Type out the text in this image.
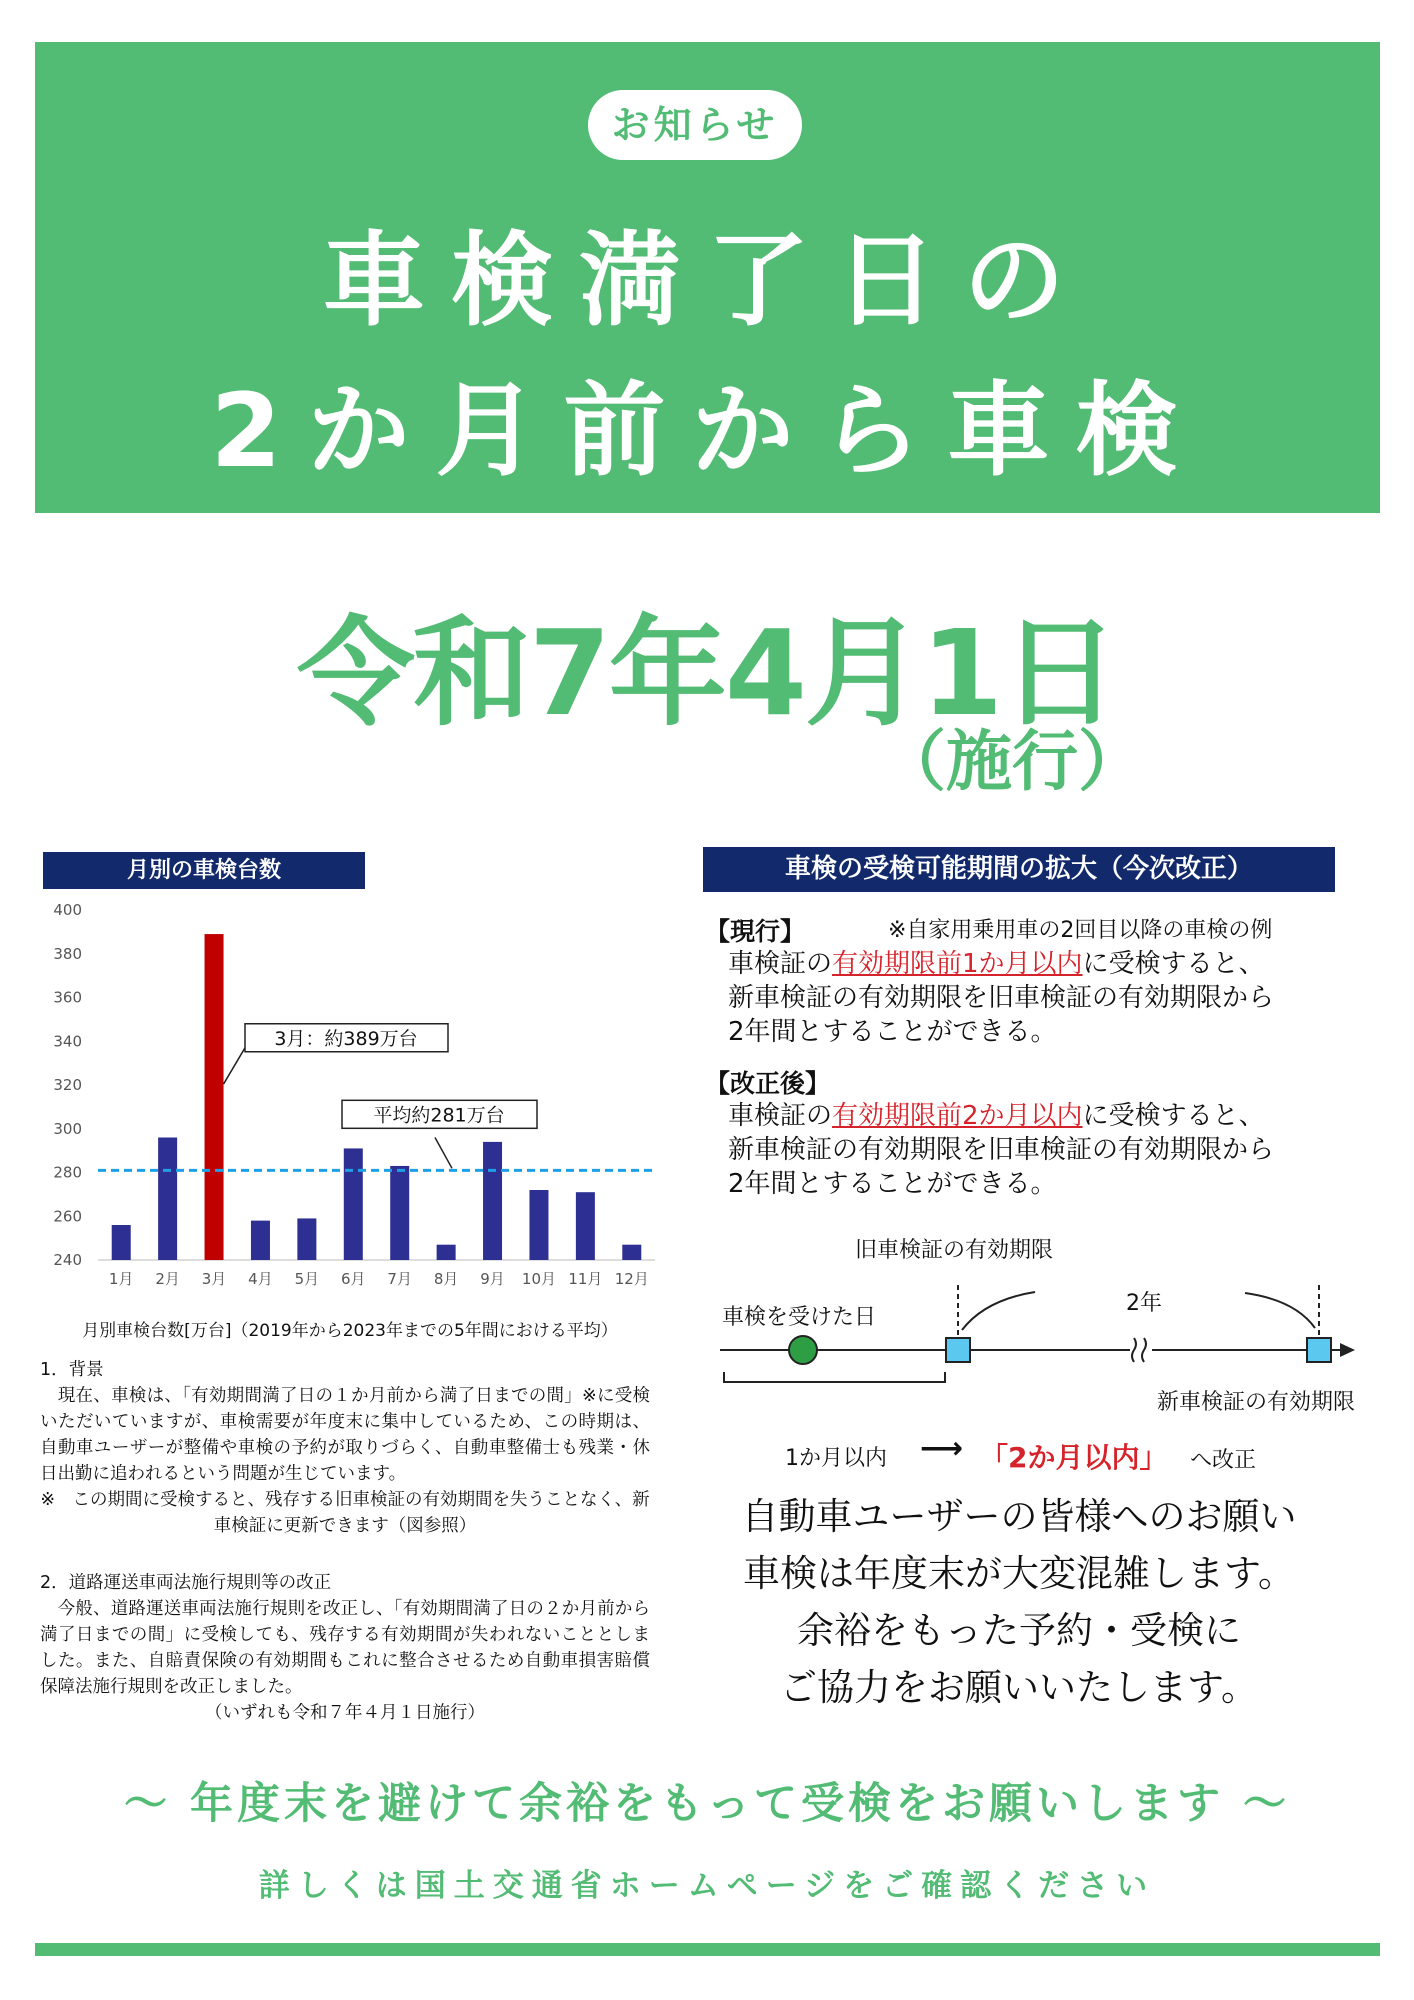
お知らせ
車検満了日の
2か月前から車検
令和7年4月1日
（施行）
月別の車検台数
240
260
280
300
320
340
360
380
400
1月 2月 3月 4月 5月 6月 7月 8月 9月 10月 11月 12月
3月：約389万台
平均約281万台
月別車検台数[万台]（2019年から2023年までの5年間における平均）
1．背景
　現在、車検は、「有効期間満了日の１か月前から満了日までの間」※に受検いただいていますが、車検需要が年度末に集中しているため、この時期は、自動車ユーザーが整備や車検の予約が取りづらく、自動車整備士も残業・休日出勤に追われるという問題が生じています。
※　この期間に受検すると、残存する旧車検証の有効期間を失うことなく、新車検証に更新できます（図参照）
2．道路運送車両法施行規則等の改正
　今般、道路運送車両法施行規則を改正し、「有効期間満了日の２か月前から満了日までの間」に受検しても、残存する有効期間が失われないこととしました。また、自賠責保険の有効期間もこれに整合させるため自動車損害賠償保障法施行規則を改正しました。
（いずれも令和７年４月１日施行）
車検の受検可能期間の拡大（今次改正）
【現行】	※自家用乗用車の2回目以降の車検の例
車検証の有効期限前1か月以内に受検すると、
新車検証の有効期限を旧車検証の有効期限から
2年間とすることができる。
【改正後】
車検証の有効期限前2か月以内に受検すると、
新車検証の有効期限を旧車検証の有効期限から
2年間とすることができる。
旧車検証の有効期限
車検を受けた日
2年
新車検証の有効期限
1か月以内 ⟶ 「2か月以内」 へ改正
自動車ユーザーの皆様へのお願い
車検は年度末が大変混雑します。
余裕をもった予約・受検に
ご協力をお願いいたします。
～ 年度末を避けて余裕をもって受検をお願いします ～
詳しくは国土交通省ホームページをご確認ください
